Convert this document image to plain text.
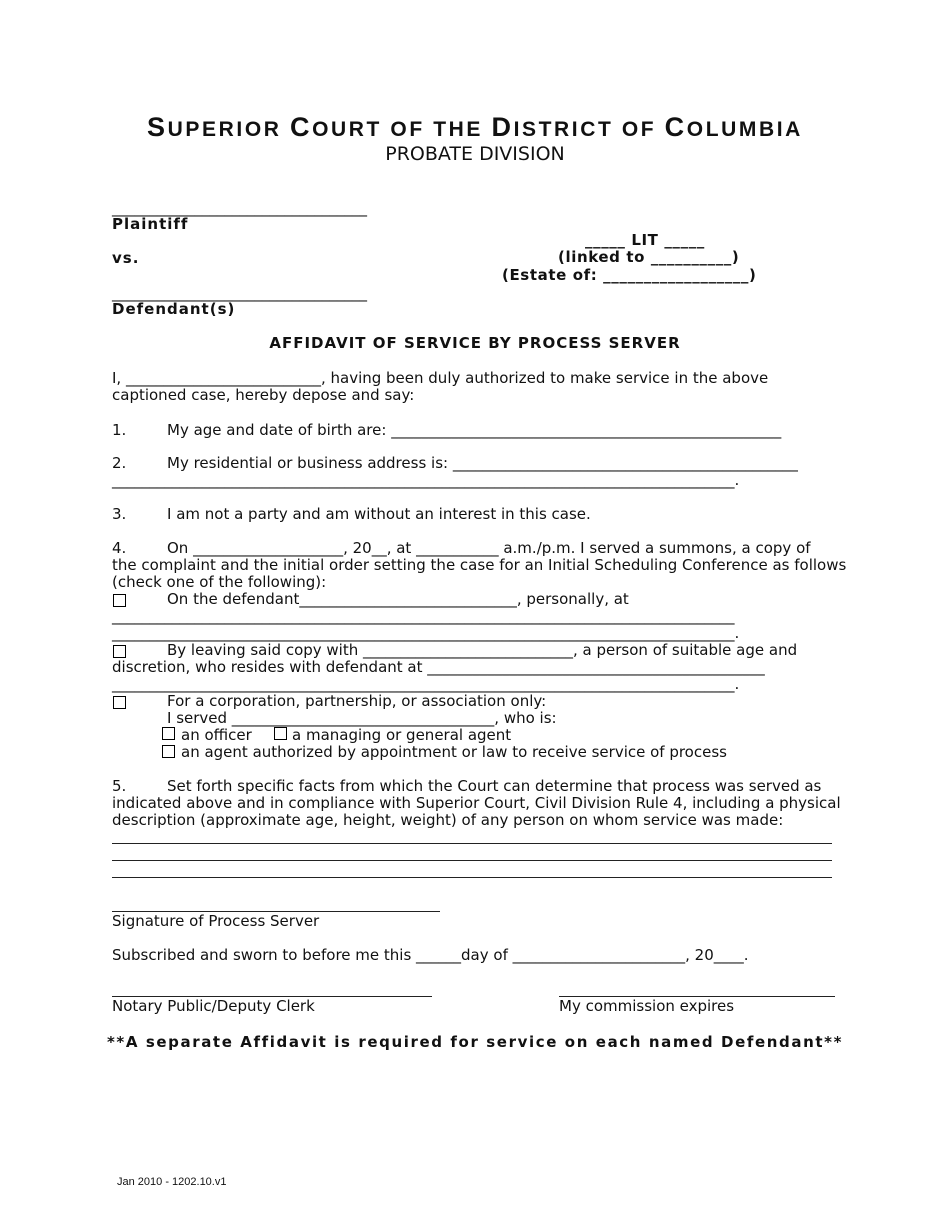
SUPERIOR COURT OF THE DISTRICT OF COLUMBIA
PROBATE DIVISION
__________________________________
Plaintiff
vs.
__________________________________
Defendant(s)
_____ LIT _____
(linked to __________)
(Estate of: __________________)
AFFIDAVIT OF SERVICE BY PROCESS SERVER
I, __________________________, having been duly authorized to make service in the above
captioned case, hereby depose and say:
1.	My age and date of birth are: ____________________________________________________
2.	My residential or business address is: ______________________________________________
___________________________________________________________________________________.
3.	I am not a party and am without an interest in this case.
4.	On ____________________, 20__, at ___________ a.m./p.m. I served a summons, a copy of
the complaint and the initial order setting the case for an Initial Scheduling Conference as follows
(check one of the following):
On the defendant_____________________________, personally, at
___________________________________________________________________________________
___________________________________________________________________________________.
By leaving said copy with ____________________________, a person of suitable age and
discretion, who resides with defendant at _____________________________________________
___________________________________________________________________________________.
For a corporation, partnership, or association only:
I served ___________________________________, who is:
an officer	a managing or general agent
an agent authorized by appointment or law to receive service of process
5.	Set forth specific facts from which the Court can determine that process was served as
indicated above and in compliance with Superior Court, Civil Division Rule 4, including a physical
description (approximate age, height, weight) of any person on whom service was made:
Signature of Process Server
Subscribed and sworn to before me this ______day of _______________________, 20____.
Notary Public/Deputy Clerk	My commission expires
**A separate Affidavit is required for service on each named Defendant**
Jan 2010 - 1202.10.v1
